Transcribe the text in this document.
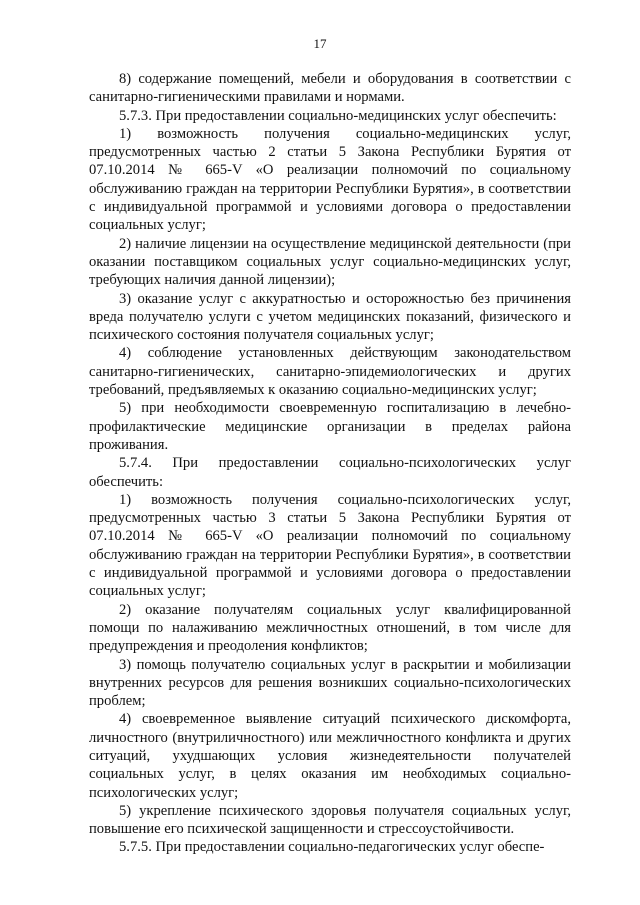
17

8) содержание помещений, мебели и оборудования в соответствии с санитарно-гигиеническими правилами и нормами.

5.7.3. При предоставлении социально-медицинских услуг обеспечить:

1) возможность получения социально-медицинских услуг, предусмотренных частью 2 статьи 5 Закона Республики Бурятия от 07.10.2014 № 665-V «О реализации полномочий по социальному обслуживанию граждан на территории Республики Бурятия», в соответствии с индивидуальной программой и условиями договора о предоставлении социальных услуг;

2) наличие лицензии на осуществление медицинской деятельности (при оказании поставщиком социальных услуг социально-медицинских услуг, требующих наличия данной лицензии);

3) оказание услуг с аккуратностью и осторожностью без причинения вреда получателю услуги с учетом медицинских показаний, физического и психического состояния получателя социальных услуг;

4) соблюдение установленных действующим законодательством санитарно-гигиенических, санитарно-эпидемиологических и других требований, предъявляемых к оказанию социально-медицинских услуг;

5) при необходимости своевременную госпитализацию в лечебно-профилактические медицинские организации в пределах района проживания.

5.7.4. При предоставлении социально-психологических услуг обеспечить:

1) возможность получения социально-психологических услуг, предусмотренных частью 3 статьи 5 Закона Республики Бурятия от 07.10.2014 № 665-V «О реализации полномочий по социальному обслуживанию граждан на территории Республики Бурятия», в соответствии с индивидуальной программой и условиями договора о предоставлении социальных услуг;

2) оказание получателям социальных услуг квалифицированной помощи по налаживанию межличностных отношений, в том числе для предупреждения и преодоления конфликтов;

3) помощь получателю социальных услуг в раскрытии и мобилизации внутренних ресурсов для решения возникших социально-психологических проблем;

4) своевременное выявление ситуаций психического дискомфорта, личностного (внутриличностного) или межличностного конфликта и других ситуаций, ухудшающих условия жизнедеятельности получателей социальных услуг, в целях оказания им необходимых социально-психологических услуг;

5) укрепление психического здоровья получателя социальных услуг, повышение его психической защищенности и стрессоустойчивости.

5.7.5. При предоставлении социально-педагогических услуг обеспе-
